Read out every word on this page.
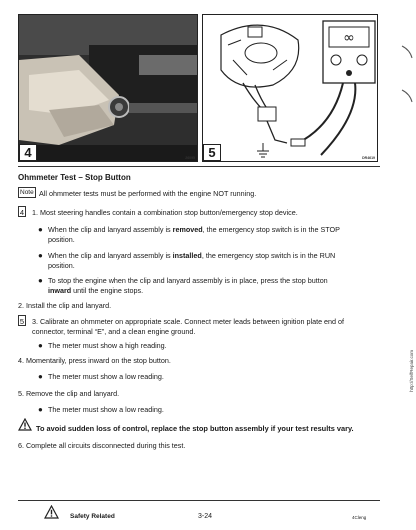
4	26095
∞
5	DR4619
Ohmmeter Test – Stop Button
Note All ohmmeter tests must be performed with the engine NOT running.
4 1. Most steering handles contain a combination stop button/emergency stop device.
● When the clip and lanyard assembly is removed, the emergency stop switch is in the STOP
position.
● When the clip and lanyard assembly is installed, the emergency stop switch is in the RUN
position.
● To stop the engine when the clip and lanyard assembly is in place, press the stop button
inward until the engine stops.
2. Install the clip and lanyard.
5 3. Calibrate an ohmmeter on appropriate scale. Connect meter leads between ignition plate end of
connector, terminal “E”, and a clean engine ground.
● The meter must show a high reading.
4. Momentarily, press inward on the stop button.
● The meter must show a low reading.
5. Remove the clip and lanyard.
● The meter must show a low reading.
To avoid sudden loss of control, replace the stop button assembly if your test results vary.
6. Complete all circuits disconnected during this test.
Safety Related	3-24	4Cleng
http://SelfRepair.com
